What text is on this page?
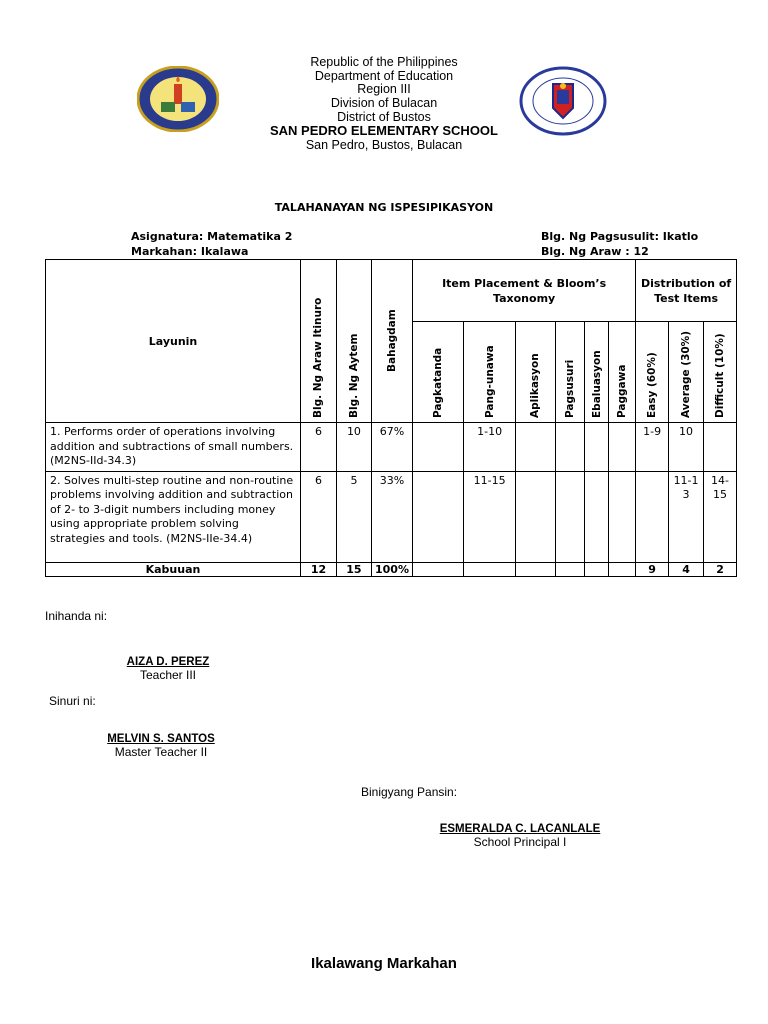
Republic of the Philippines
Department of Education
Region III
Division of Bulacan
District of Bustos
SAN PEDRO ELEMENTARY SCHOOL
San Pedro, Bustos, Bulacan
TALAHANAYAN NG ISPESIPIKASYON
Asignatura: Matematika 2
Markahan: Ikalawa
Blg. Ng Pagsusulit: Ikatlo
Blg. Ng Araw : 12
Layunin	Blg. Ng Araw Itinuro	Blg. Ng Aytem	Bahagdam	Item Placement & Bloom’s Taxonomy						Distribution of Test Items		

				Pagkatanda	Pang-unawa	Aplikasyon	Pagsusuri	Ebaluasyon	Paggawa	Easy (60%)	Average (30%)	Difficult (10%)

1. Performs order of operations involving addition and subtractions of small numbers. (M2NS-IId-34.3)	6	10	67%		1-10					1-9	10	
2. Solves multi-step routine and non-routine problems involving addition and subtraction of 2- to 3-digit numbers including money using appropriate problem solving strategies and tools. (M2NS-IIe-34.4)	6	5	33%		11-15						11-13	14-15
Kabuuan	12	15	100%							9	4	2
Inihanda ni:
AIZA D. PEREZ
Teacher III
Sinuri ni:
MELVIN S. SANTOS
Master Teacher II
Binigyang Pansin:
ESMERALDA C. LACANLALE
School Principal I
Ikalawang Markahan
